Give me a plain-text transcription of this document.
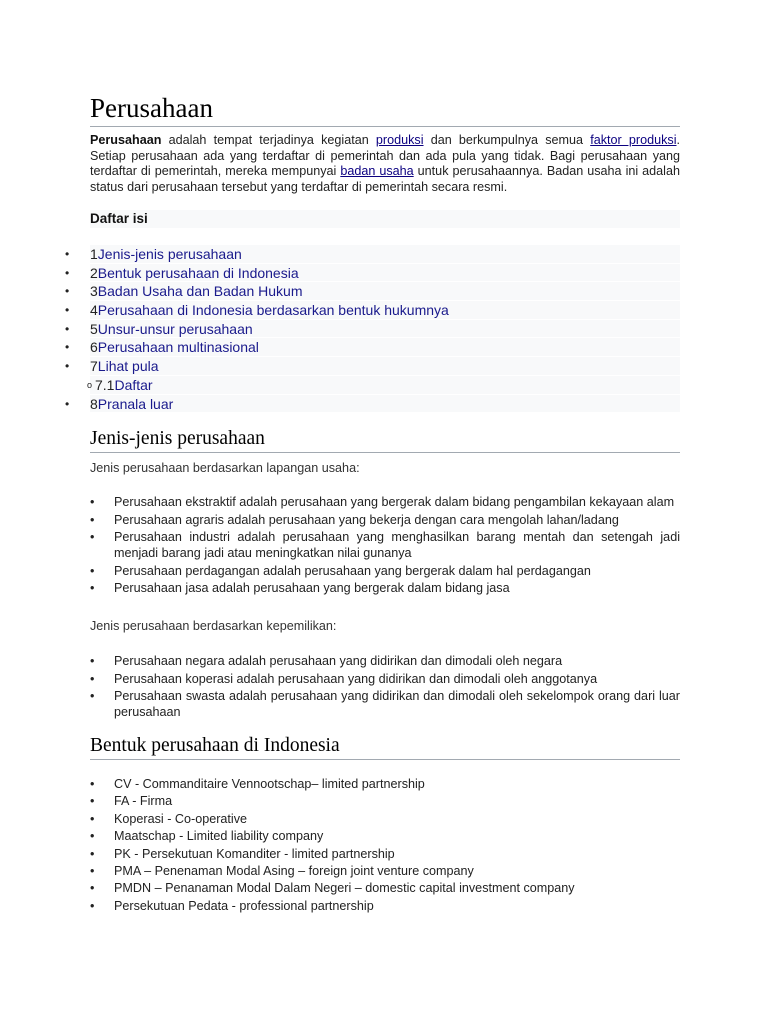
Perusahaan

Perusahaan adalah tempat terjadinya kegiatan produksi dan berkumpulnya semua faktor produksi. Setiap perusahaan ada yang terdaftar di pemerintah dan ada pula yang tidak. Bagi perusahaan yang terdaftar di pemerintah, mereka mempunyai badan usaha untuk perusahaannya. Badan usaha ini adalah status dari perusahaan tersebut yang terdaftar di pemerintah secara resmi.

Daftar isi
•	1Jenis-jenis perusahaan
•	2Bentuk perusahaan di Indonesia
•	3Badan Usaha dan Badan Hukum
•	4Perusahaan di Indonesia berdasarkan bentuk hukumnya
•	5Unsur-unsur perusahaan
•	6Perusahaan multinasional
•	7Lihat pula
o 7.1Daftar
•	8Pranala luar
Jenis-jenis perusahaan

Jenis perusahaan berdasarkan lapangan usaha:

• Perusahaan ekstraktif adalah perusahaan yang bergerak dalam bidang pengambilan kekayaan alam
• Perusahaan agraris adalah perusahaan yang bekerja dengan cara mengolah lahan/ladang
• Perusahaan industri adalah perusahaan yang menghasilkan barang mentah dan setengah jadi menjadi barang jadi atau meningkatkan nilai gunanya
• Perusahaan perdagangan adalah perusahaan yang bergerak dalam hal perdagangan
• Perusahaan jasa adalah perusahaan yang bergerak dalam bidang jasa

Jenis perusahaan berdasarkan kepemilikan:

• Perusahaan negara adalah perusahaan yang didirikan dan dimodali oleh negara
• Perusahaan koperasi adalah perusahaan yang didirikan dan dimodali oleh anggotanya
• Perusahaan swasta adalah perusahaan yang didirikan dan dimodali oleh sekelompok orang dari luar perusahaan
Bentuk perusahaan di Indonesia
• CV - Commanditaire Vennootschap– limited partnership
• FA - Firma
• Koperasi - Co-operative
• Maatschap - Limited liability company
• PK - Persekutuan Komanditer - limited partnership
• PMA – Penenaman Modal Asing – foreign joint venture company
• PMDN – Penanaman Modal Dalam Negeri – domestic capital investment company
• Persekutuan Pedata - professional partnership
